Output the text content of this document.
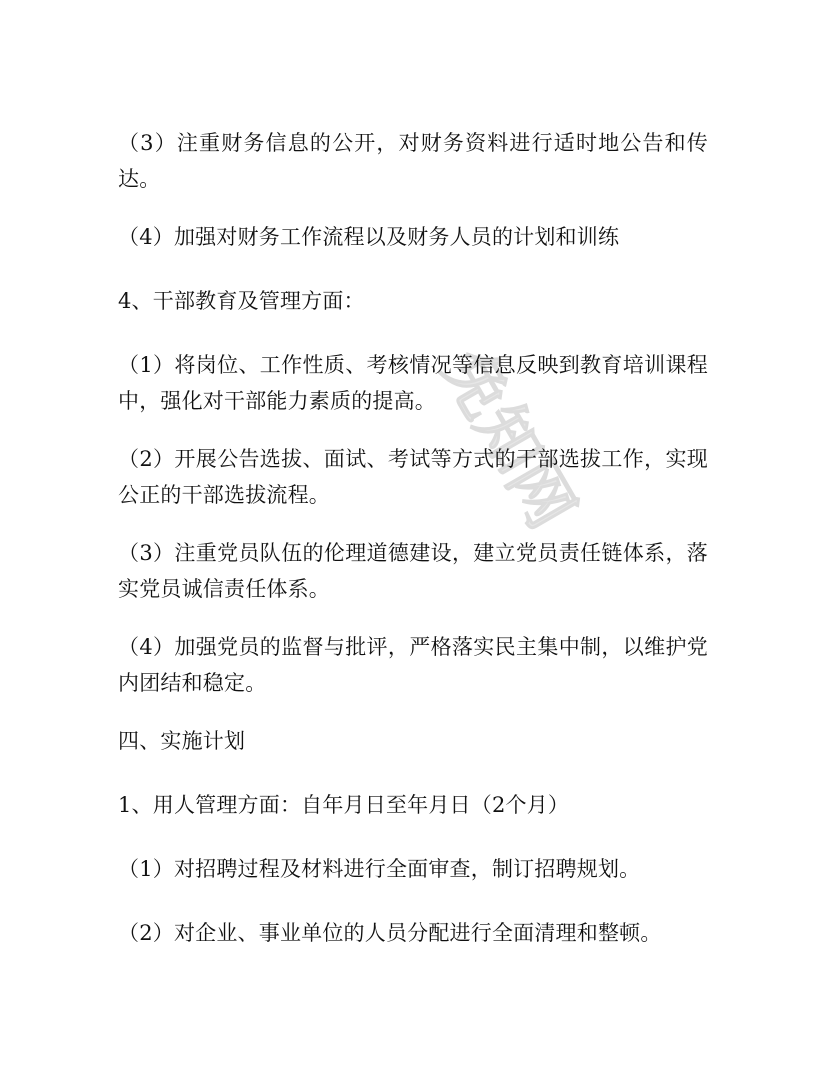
免知网

（3）注重财务信息的公开，对财务资料进行适时地公告和传达。

（4）加强对财务工作流程以及财务人员的计划和训练

4、干部教育及管理方面：

（1）将岗位、工作性质、考核情况等信息反映到教育培训课程中，强化对干部能力素质的提高。

（2）开展公告选拔、面试、考试等方式的干部选拔工作，实现公正的干部选拔流程。

（3）注重党员队伍的伦理道德建设，建立党员责任链体系，落实党员诚信责任体系。

（4）加强党员的监督与批评，严格落实民主集中制，以维护党内团结和稳定。

四、实施计划

1、用人管理方面：自年月日至年月日（2个月）

（1）对招聘过程及材料进行全面审查，制订招聘规划。

（2）对企业、事业单位的人员分配进行全面清理和整顿。
